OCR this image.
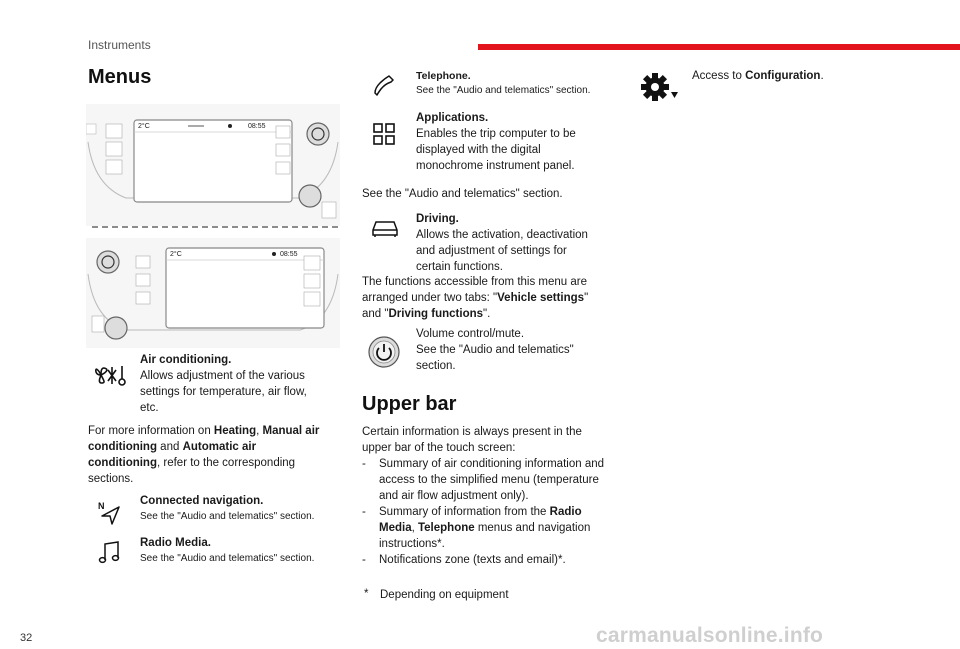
Instruments
Menus
2°C	08:55
2°C	08:55
Air conditioning.
Allows adjustment of the various settings for temperature, air flow, etc.
For more information on Heating, Manual air conditioning and Automatic air conditioning, refer to the corresponding sections.
N	Connected navigation.
See the "Audio and telematics" section.
Radio Media.
See the "Audio and telematics" section.
Telephone.
See the "Audio and telematics" section.
Applications.
Enables the trip computer to be displayed with the digital monochrome instrument panel.
See the "Audio and telematics" section.
Driving.
Allows the activation, deactivation and adjustment of settings for certain functions.
The functions accessible from this menu are arranged under two tabs: "Vehicle settings" and "Driving functions".
Volume control/mute.
See the "Audio and telematics" section.
Upper bar
Certain information is always present in the upper bar of the touch screen:
- Summary of air conditioning information and access to the simplified menu (temperature and air flow adjustment only).
- Summary of information from the Radio Media, Telephone menus and navigation instructions*.
- Notifications zone (texts and email)*.
* Depending on equipment
Access to Configuration.
32	carmanualsonline.info
